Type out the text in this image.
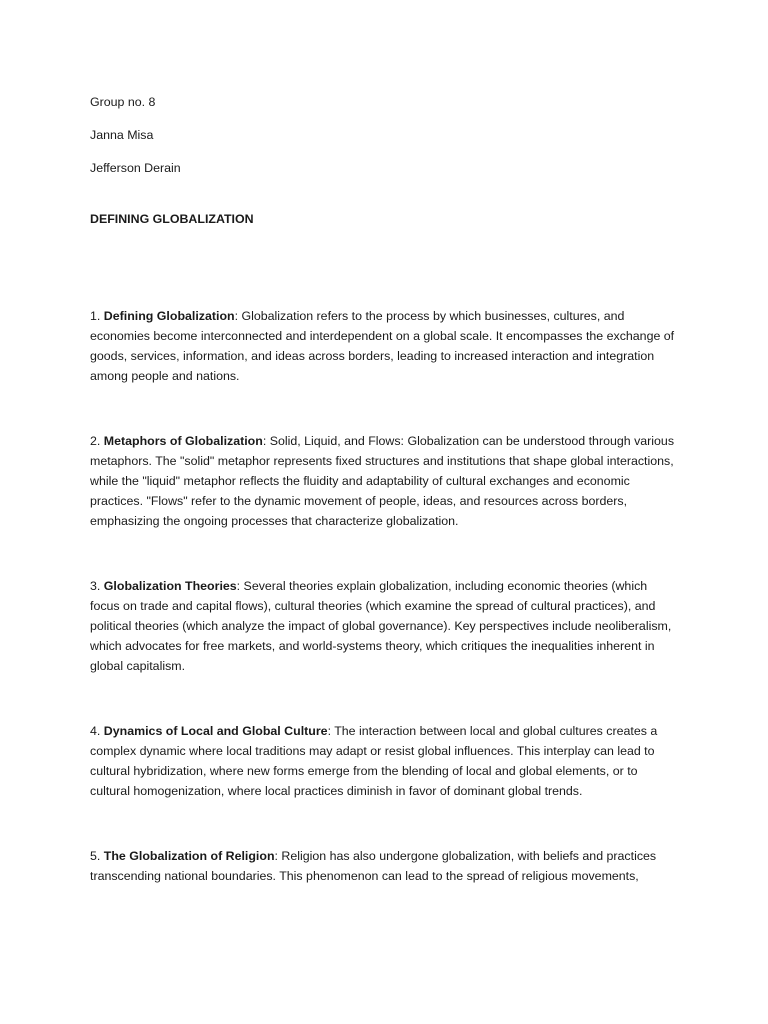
Group no. 8

Janna Misa

Jefferson Derain

DEFINING GLOBALIZATION

1. Defining Globalization: Globalization refers to the process by which businesses, cultures, and economies become interconnected and interdependent on a global scale. It encompasses the exchange of goods, services, information, and ideas across borders, leading to increased interaction and integration among people and nations.

2. Metaphors of Globalization: Solid, Liquid, and Flows: Globalization can be understood through various metaphors. The "solid" metaphor represents fixed structures and institutions that shape global interactions, while the "liquid" metaphor reflects the fluidity and adaptability of cultural exchanges and economic practices. "Flows" refer to the dynamic movement of people, ideas, and resources across borders, emphasizing the ongoing processes that characterize globalization.

3. Globalization Theories: Several theories explain globalization, including economic theories (which focus on trade and capital flows), cultural theories (which examine the spread of cultural practices), and political theories (which analyze the impact of global governance). Key perspectives include neoliberalism, which advocates for free markets, and world-systems theory, which critiques the inequalities inherent in global capitalism.

4. Dynamics of Local and Global Culture: The interaction between local and global cultures creates a complex dynamic where local traditions may adapt or resist global influences. This interplay can lead to cultural hybridization, where new forms emerge from the blending of local and global elements, or to cultural homogenization, where local practices diminish in favor of dominant global trends.

5. The Globalization of Religion: Religion has also undergone globalization, with beliefs and practices transcending national boundaries. This phenomenon can lead to the spread of religious movements,
